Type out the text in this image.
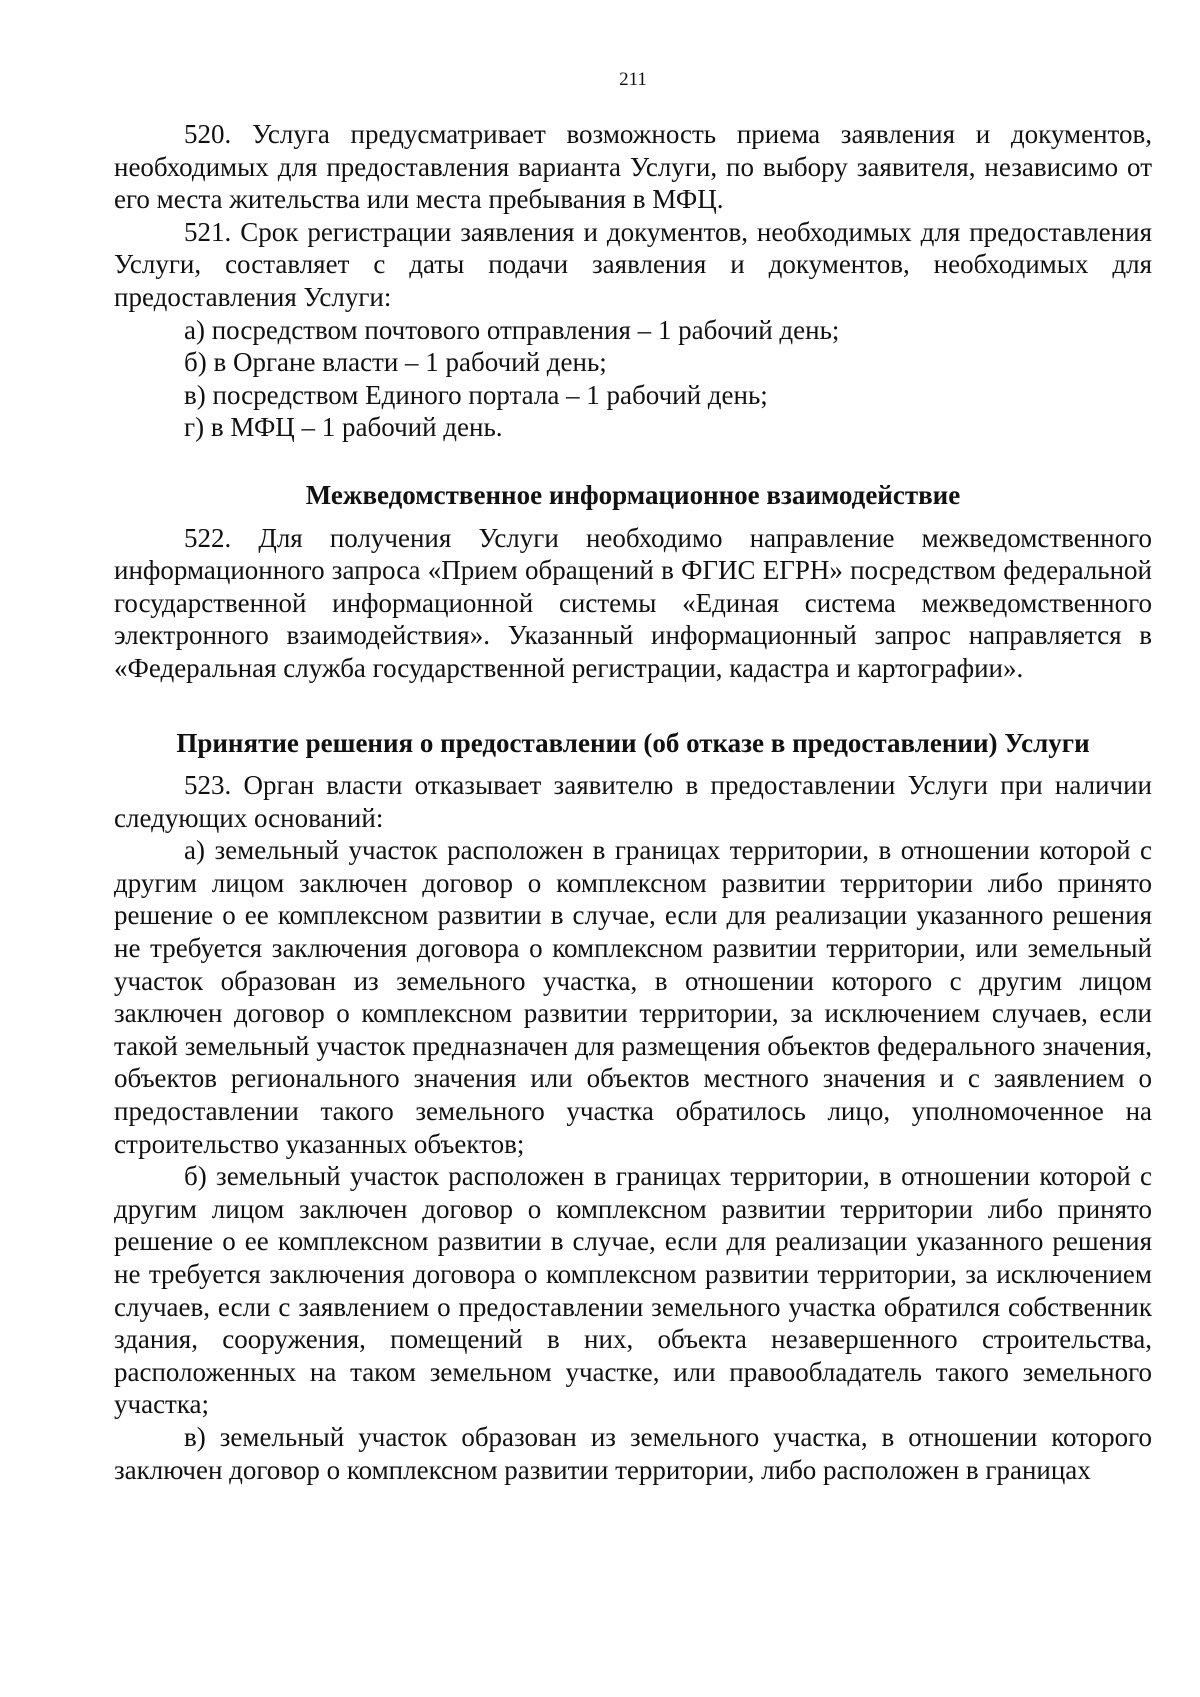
211

520. Услуга предусматривает возможность приема заявления и документов, необходимых для предоставления варианта Услуги, по выбору заявителя, независимо от его места жительства или места пребывания в МФЦ.

521. Срок регистрации заявления и документов, необходимых для предоставления Услуги, составляет с даты подачи заявления и документов, необходимых для предоставления Услуги:

а) посредством почтового отправления – 1 рабочий день;

б) в Органе власти – 1 рабочий день;

в) посредством Единого портала – 1 рабочий день;

г) в МФЦ – 1 рабочий день.

Межведомственное информационное взаимодействие

522. Для получения Услуги необходимо направление межведомственного информационного запроса «Прием обращений в ФГИС ЕГРН» посредством федеральной государственной информационной системы «Единая система межведомственного электронного взаимодействия». Указанный информационный запрос направляется в «Федеральная служба государственной регистрации, кадастра и картографии».

Принятие решения о предоставлении (об отказе в предоставлении) Услуги

523. Орган власти отказывает заявителю в предоставлении Услуги при наличии следующих оснований:

а) земельный участок расположен в границах территории, в отношении которой с другим лицом заключен договор о комплексном развитии территории либо принято решение о ее комплексном развитии в случае, если для реализации указанного решения не требуется заключения договора о комплексном развитии территории, или земельный участок образован из земельного участка, в отношении которого с другим лицом заключен договор о комплексном развитии территории, за исключением случаев, если такой земельный участок предназначен для размещения объектов федерального значения, объектов регионального значения или объектов местного значения и с заявлением о предоставлении такого земельного участка обратилось лицо, уполномоченное на строительство указанных объектов;

б) земельный участок расположен в границах территории, в отношении которой с другим лицом заключен договор о комплексном развитии территории либо принято решение о ее комплексном развитии в случае, если для реализации указанного решения не требуется заключения договора о комплексном развитии территории, за исключением случаев, если с заявлением о предоставлении земельного участка обратился собственник здания, сооружения, помещений в них, объекта незавершенного строительства, расположенных на таком земельном участке, или правообладатель такого земельного участка;

в) земельный участок образован из земельного участка, в отношении которого заключен договор о комплексном развитии территории, либо расположен в границах
